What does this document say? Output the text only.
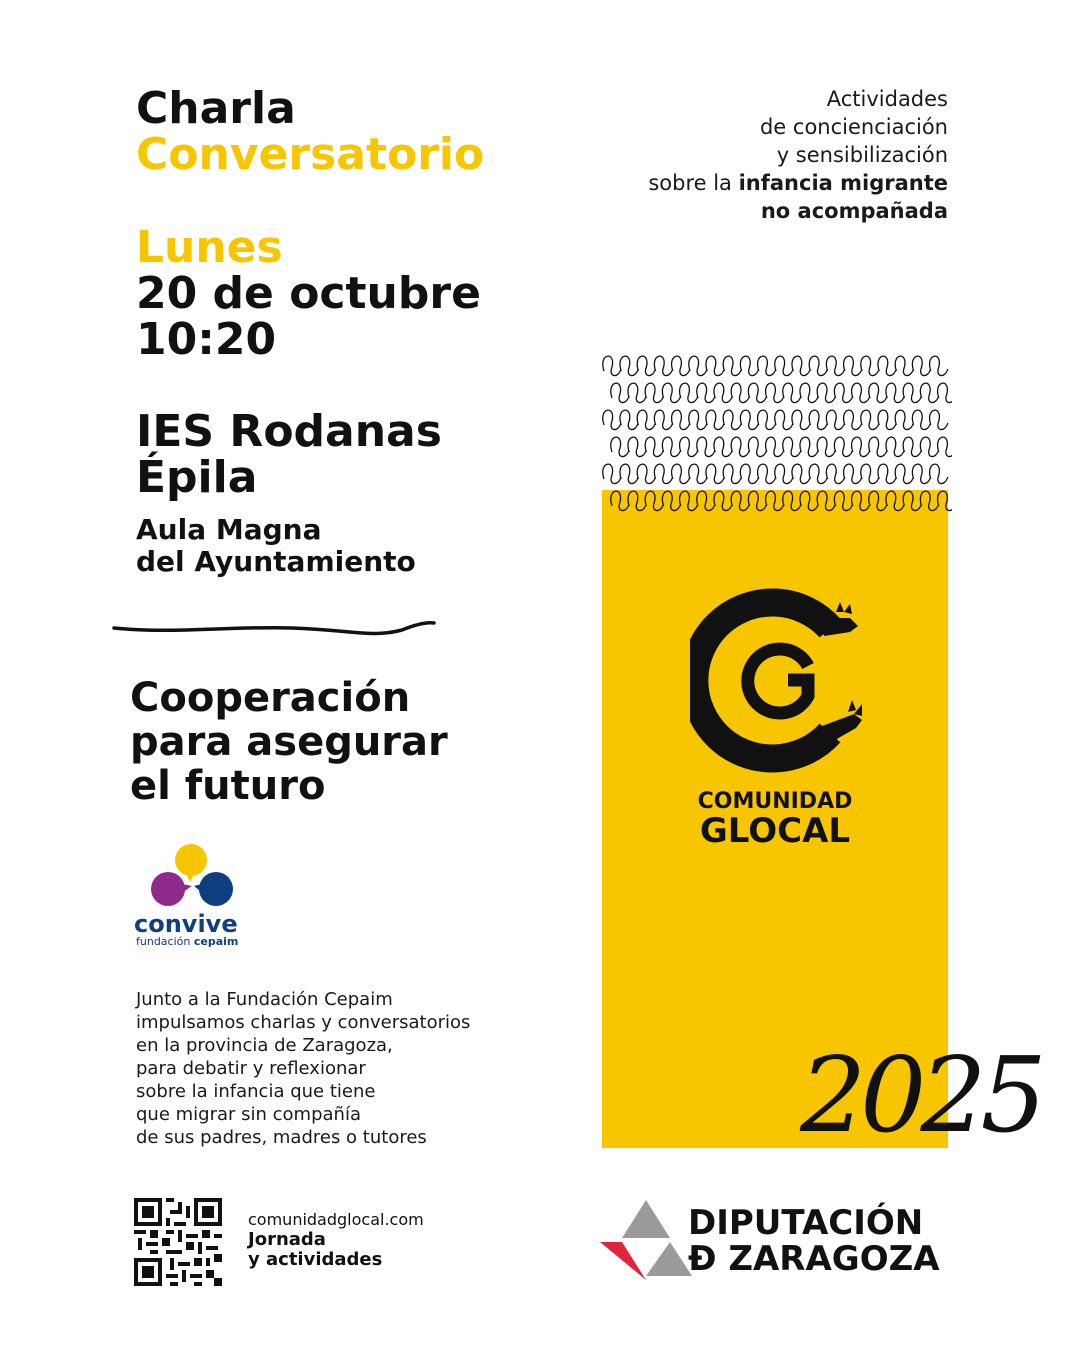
Charla
Conversatorio
Lunes
20 de octubre
10:20
IES Rodanas
Épila
Aula Magna
del Ayuntamiento
Cooperación
para asegurar
el futuro
convive
fundación cepaim
Junto a la Fundación Cepaim
impulsamos charlas y conversatorios
en la provincia de Zaragoza,
para debatir y reflexionar
sobre la infancia que tiene
que migrar sin compañía
de sus padres, madres o tutores
comunidadglocal.com
Jornada
y actividades
Actividades
de concienciación
y sensibilización
sobre la infancia migrante
no acompañada
COMUNIDAD
GLOCAL
2025
DIPUTACIÓN
Ð ZARAGOZA
